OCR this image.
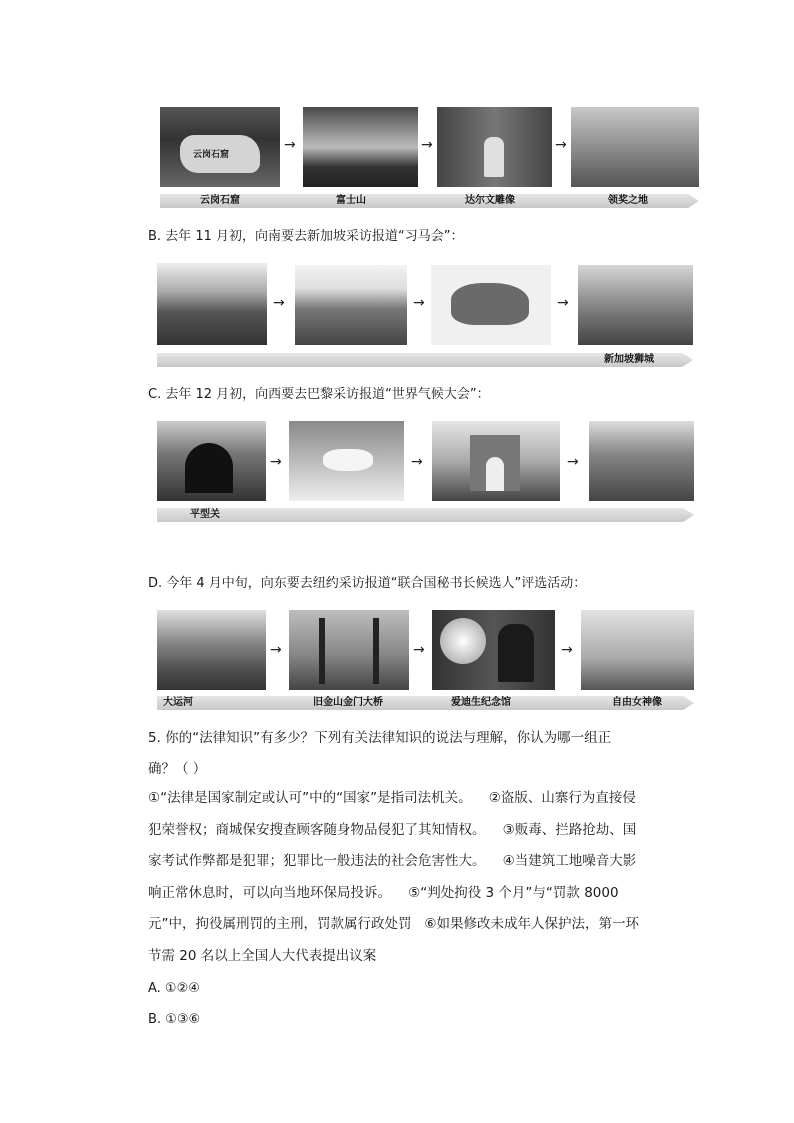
云岗石窟
→	→	→
云岗石窟	富士山	达尔文雕像	领奖之地
B. 去年 11 月初，向南要去新加坡采访报道“习马会”：
→	→	→
新加坡狮城
C. 去年 12 月初，向西要去巴黎采访报道“世界气候大会”：
→	→	→
平型关
D. 今年 4 月中旬，向东要去纽约采访报道“联合国秘书长候选人”评选活动：
→	→	→
大运河	旧金山金门大桥	爱迪生纪念馆	自由女神像
5. 你的“法律知识”有多少？下列有关法律知识的说法与理解，你认为哪一组正
确？（ ）
①“法律是国家制定或认可”中的“国家”是指司法机关。    ②盗版、山寨行为直接侵犯荣誉权；商城保安搜查顾客随身物品侵犯了其知情权。    ③贩毒、拦路抢劫、国家考试作弊都是犯罪；犯罪比一般违法的社会危害性大。    ④当建筑工地噪音大影响正常休息时，可以向当地环保局投诉。    ⑤“判处拘役 3 个月”与“罚款 8000 元”中，拘役属刑罚的主刑，罚款属行政处罚   ⑥如果修改未成年人保护法，第一环节需 20 名以上全国人大代表提出议案
A. ①②④
B. ①③⑥
